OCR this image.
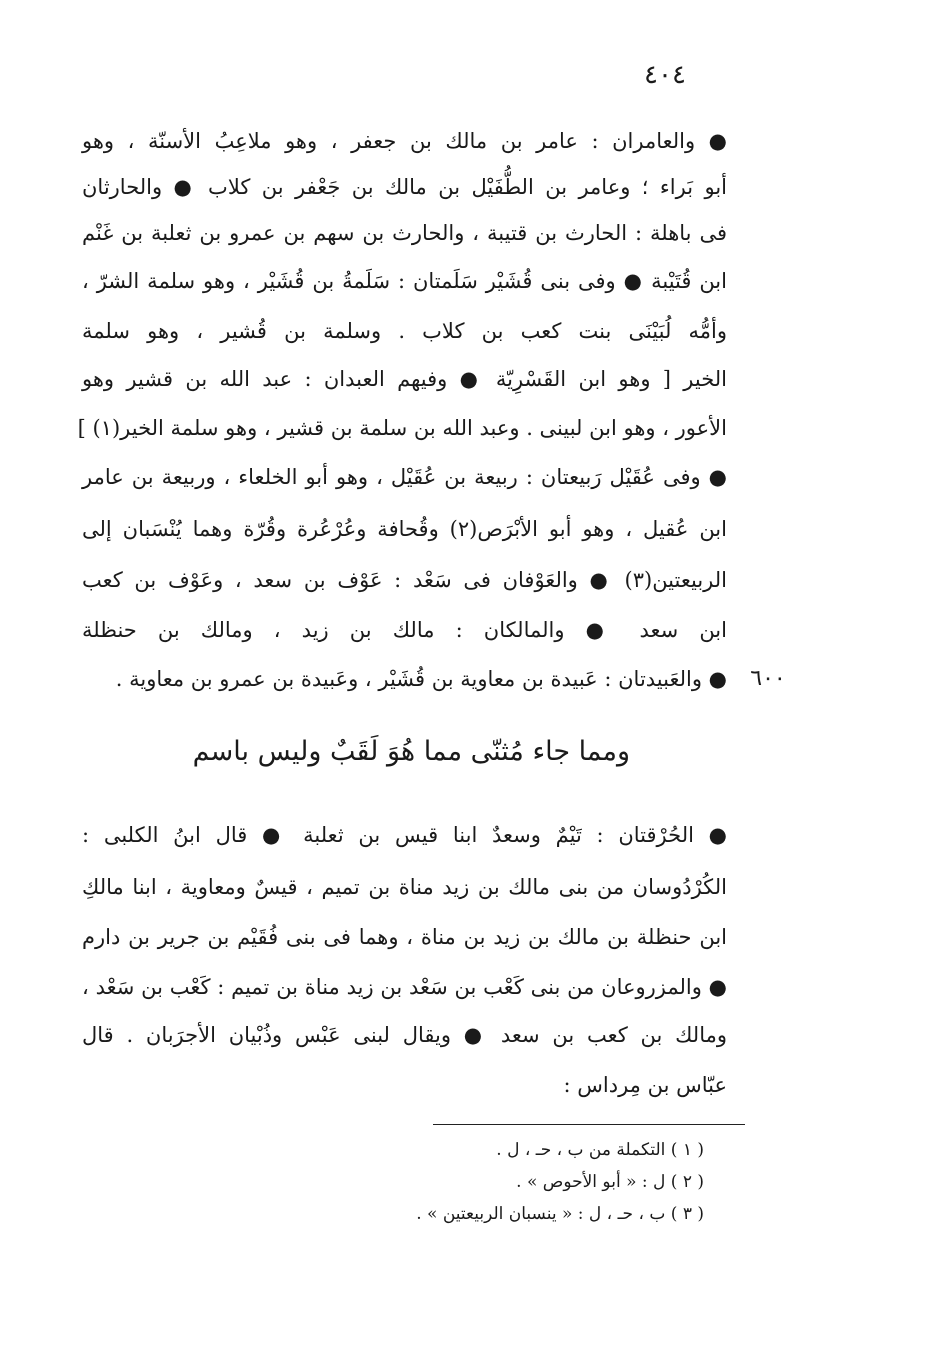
٤٠٤
● والعامران : عامر بن مالك بن جعفر ، وهو ملاعِبُ الأسنّة ، وهو
أبو بَراء ؛ وعامر بن الطُّفَيْل بن مالك بن جَعْفر بن كلاب ● والحارثان
فى باهلة : الحارث بن قتيبة ، والحارث بن سهم بن عمرو بن ثعلبة بن غَنْم
ابن قُتَيْبة ● وفى بنى قُشَيْر سَلَمتان : سَلَمةُ بن قُشَيْر ، وهو سلمة الشرّ ،
وأمُّه لُبَيْنَى بنت كعب بن كلاب . وسلمة بن قُشير ، وهو سلمة
الخير [ وهو ابن القَسْرِيّة ● وفيهم العبدان : عبد الله بن قشير وهو
الأعور ، وهو ابن لبينى . وعبد الله بن سلمة بن قشير ، وهو سلمة الخير(١) ]
● وفى عُقَيْل رَبيعتان : ربيعة بن عُقَيْل ، وهو أبو الخلعاء ، وربيعة بن عامر
ابن عُقيل ، وهو أبو الأبْرَص(٢) وقُحافة وعُرْعُرة وقُرّة وهما يُنْسَبان إلى
الربيعتين(٣) ● والعَوْفان فى سَعْد : عَوْف بن سعد ، وعَوْف بن كعب
ابن سعد ● والمالكان : مالك بن زيد ، ومالك بن حنظلة
● والعَبيدتان : عَبيدة بن معاوية بن قُشَيْر ، وعَبيدة بن عمرو بن معاوية .	٦٠٠
ومما جاء مُثنّى مما هُوَ لَقَبٌ وليس باسم
● الحُرْقتان : تَيْمٌ وسعدٌ ابنا قيس بن ثعلبة ● قال ابنُ الكلبى :
الكُرْدُوسان من بنى مالك بن زيد مناة بن تميم ، قيسٌ ومعاوية ، ابنا مالكِ
ابن حنظلة بن مالك بن زيد بن مناة ، وهما فى بنى فُقَيْم بن جرير بن دارم
● والمزروعان من بنى كَعْب بن سَعْد بن زيد مناة بن تميم : كَعْب بن سَعْد ،
ومالك بن كعب بن سعد ● ويقال لبنى عَبْس وذُبْيان الأجرَبان . قال
عبّاس بن مِرداس :
( ١ ) التكملة من ب ، حـ ، ل .
( ٢ ) ل : « أبو الأحوص » .
( ٣ ) ب ، حـ ، ل : « ينسبان الربيعتين » .
